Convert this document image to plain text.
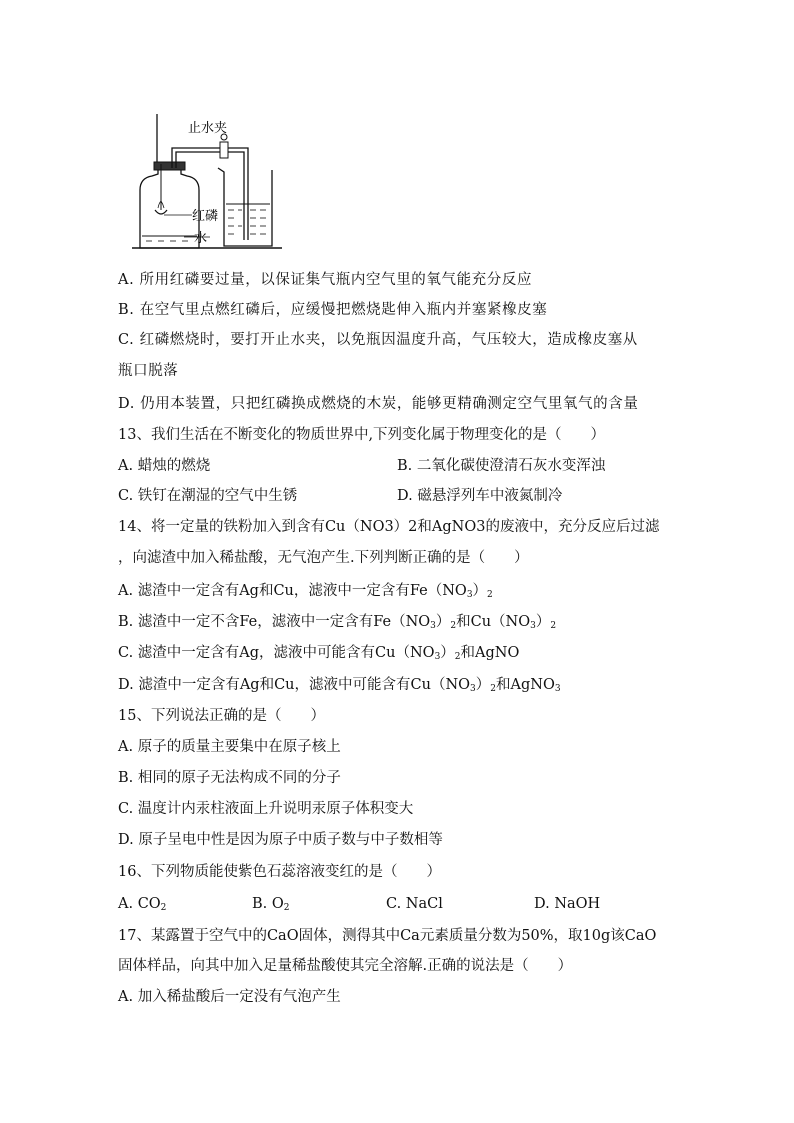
止水夹
红磷
水
A. 所用红磷要过量，以保证集气瓶内空气里的氧气能充分反应
B. 在空气里点燃红磷后，应缓慢把燃烧匙伸入瓶内并塞紧橡皮塞
C. 红磷燃烧时，要打开止水夹，以免瓶因温度升高，气压较大，造成橡皮塞从
瓶口脱落
D. 仍用本装置，只把红磷换成燃烧的木炭，能够更精确测定空气里氧气的含量
13、我们生活在不断变化的物质世界中,下列变化属于物理变化的是（　　）
A. 蜡烛的燃烧	B. 二氧化碳使澄清石灰水变浑浊
C. 铁钉在潮湿的空气中生锈	D. 磁悬浮列车中液氮制冷
14、将一定量的铁粉加入到含有Cu（NO3）2和AgNO3的废液中，充分反应后过滤
，向滤渣中加入稀盐酸，无气泡产生.下列判断正确的是（　　）
A. 滤渣中一定含有Ag和Cu，滤液中一定含有$Fe(NO_3)_2$
B. 滤渣中一定不含Fe，滤液中一定含有$Fe(NO_3)_2$和$Cu(NO_3)_2$
C. 滤渣中一定含有Ag，滤液中可能含有$Cu(NO_3)_2$和AgNO
D. 滤渣中一定含有Ag和Cu，滤液中可能含有$Cu(NO_3)_2$和AgNO$_3$
15、下列说法正确的是（　　）
A. 原子的质量主要集中在原子核上
B. 相同的原子无法构成不同的分子
C. 温度计内汞柱液面上升说明汞原子体积变大
D. 原子呈电中性是因为原子中质子数与中子数相等
16、下列物质能使紫色石蕊溶液变红的是（　　）
A. $CO_2$	B. $O_2$	C. NaCl	D. NaOH
17、某露置于空气中的CaO固体，测得其中Ca元素质量分数为50%，取10g该CaO
固体样品，向其中加入足量稀盐酸使其完全溶解.正确的说法是（　　）
A. 加入稀盐酸后一定没有气泡产生
